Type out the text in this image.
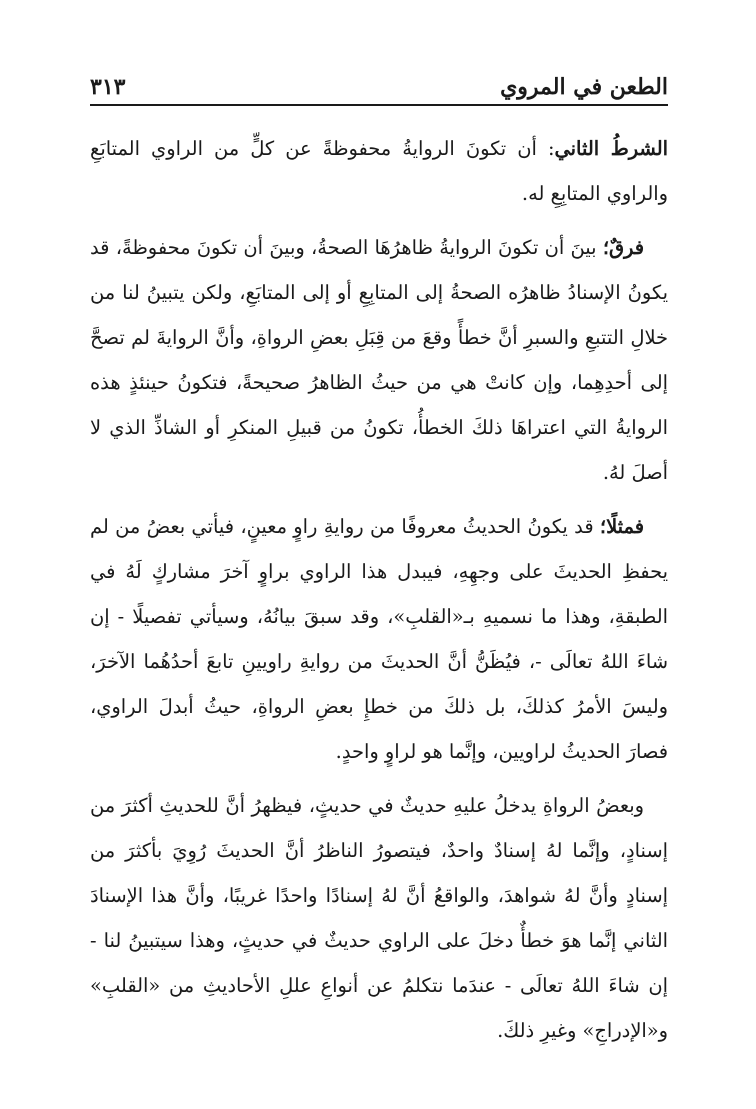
الطعن في المروي
٣١٣

الشرطُ الثاني: أن تكونَ الروايةُ محفوظةً عن كلٍّ من الراوي المتابَعِ والراوي المتابِعِ له.

فرقٌ؛ بينَ أن تكونَ الروايةُ ظاهرُهَا الصحةُ، وبينَ أن تكونَ محفوظةً، قد يكونُ الإسنادُ ظاهرُه الصحةُ إلى المتابِعِ أو إلى المتابَعِ، ولكن يتبينُ لنا من خلالِ التتبعِ والسبرِ أنَّ خطأً وقعَ من قِبَلِ بعضِ الرواةِ، وأنَّ الروايةَ لم تصحَّ إلى أحدِهِما، وإن كانتْ هي من حيثُ الظاهرُ صحيحةً، فتكونُ حينئذٍ هذه الروايةُ التي اعتراهَا ذلكَ الخطأُ، تكونُ من قبيلِ المنكرِ أو الشاذِّ الذي لا أصلَ لهُ.

فمثلًا؛ قد يكونُ الحديثُ معروفًا من روايةِ راوٍ معينٍ، فيأتي بعضُ من لم يحفظِ الحديثَ على وجهِهِ، فيبدل هذا الراوي براوٍ آخرَ مشاركٍ لَهُ في الطبقةِ، وهذا ما نسميهِ بـ«القلبِ»، وقد سبقَ بيانُهُ، وسيأتي تفصيلًا - إن شاءَ اللهُ تعالَى -، فيُظَنُّ أنَّ الحديثَ من روايةِ راويينِ تابعَ أحدُهُما الآخرَ، وليسَ الأمرُ كذلكَ، بل ذلكَ من خطإِ بعضِ الرواةِ، حيثُ أبدلَ الراوي، فصارَ الحديثُ لراويين، وإنَّما هو لراوٍ واحدٍ.

وبعضُ الرواةِ يدخلُ عليهِ حديثٌ في حديثٍ، فيظهرُ أنَّ للحديثِ أكثرَ من إسنادٍ، وإنَّما لهُ إسنادٌ واحدٌ، فيتصورُ الناظرُ أنَّ الحديثَ رُوِيَ بأكثرَ من إسنادٍ وأنَّ لهُ شواهدَ، والواقعُ أنَّ لهُ إسنادًا واحدًا غريبًا، وأنَّ هذا الإسنادَ الثاني إنَّما هوَ خطأٌ دخلَ على الراوي حديثٌ في حديثٍ، وهذا سيتبينُ لنا - إن شاءَ اللهُ تعالَى - عندَما نتكلمُ عن أنواعِ عللِ الأحاديثِ من «القلبِ» و«الإدراجِ» وغيرِ ذلكَ.
